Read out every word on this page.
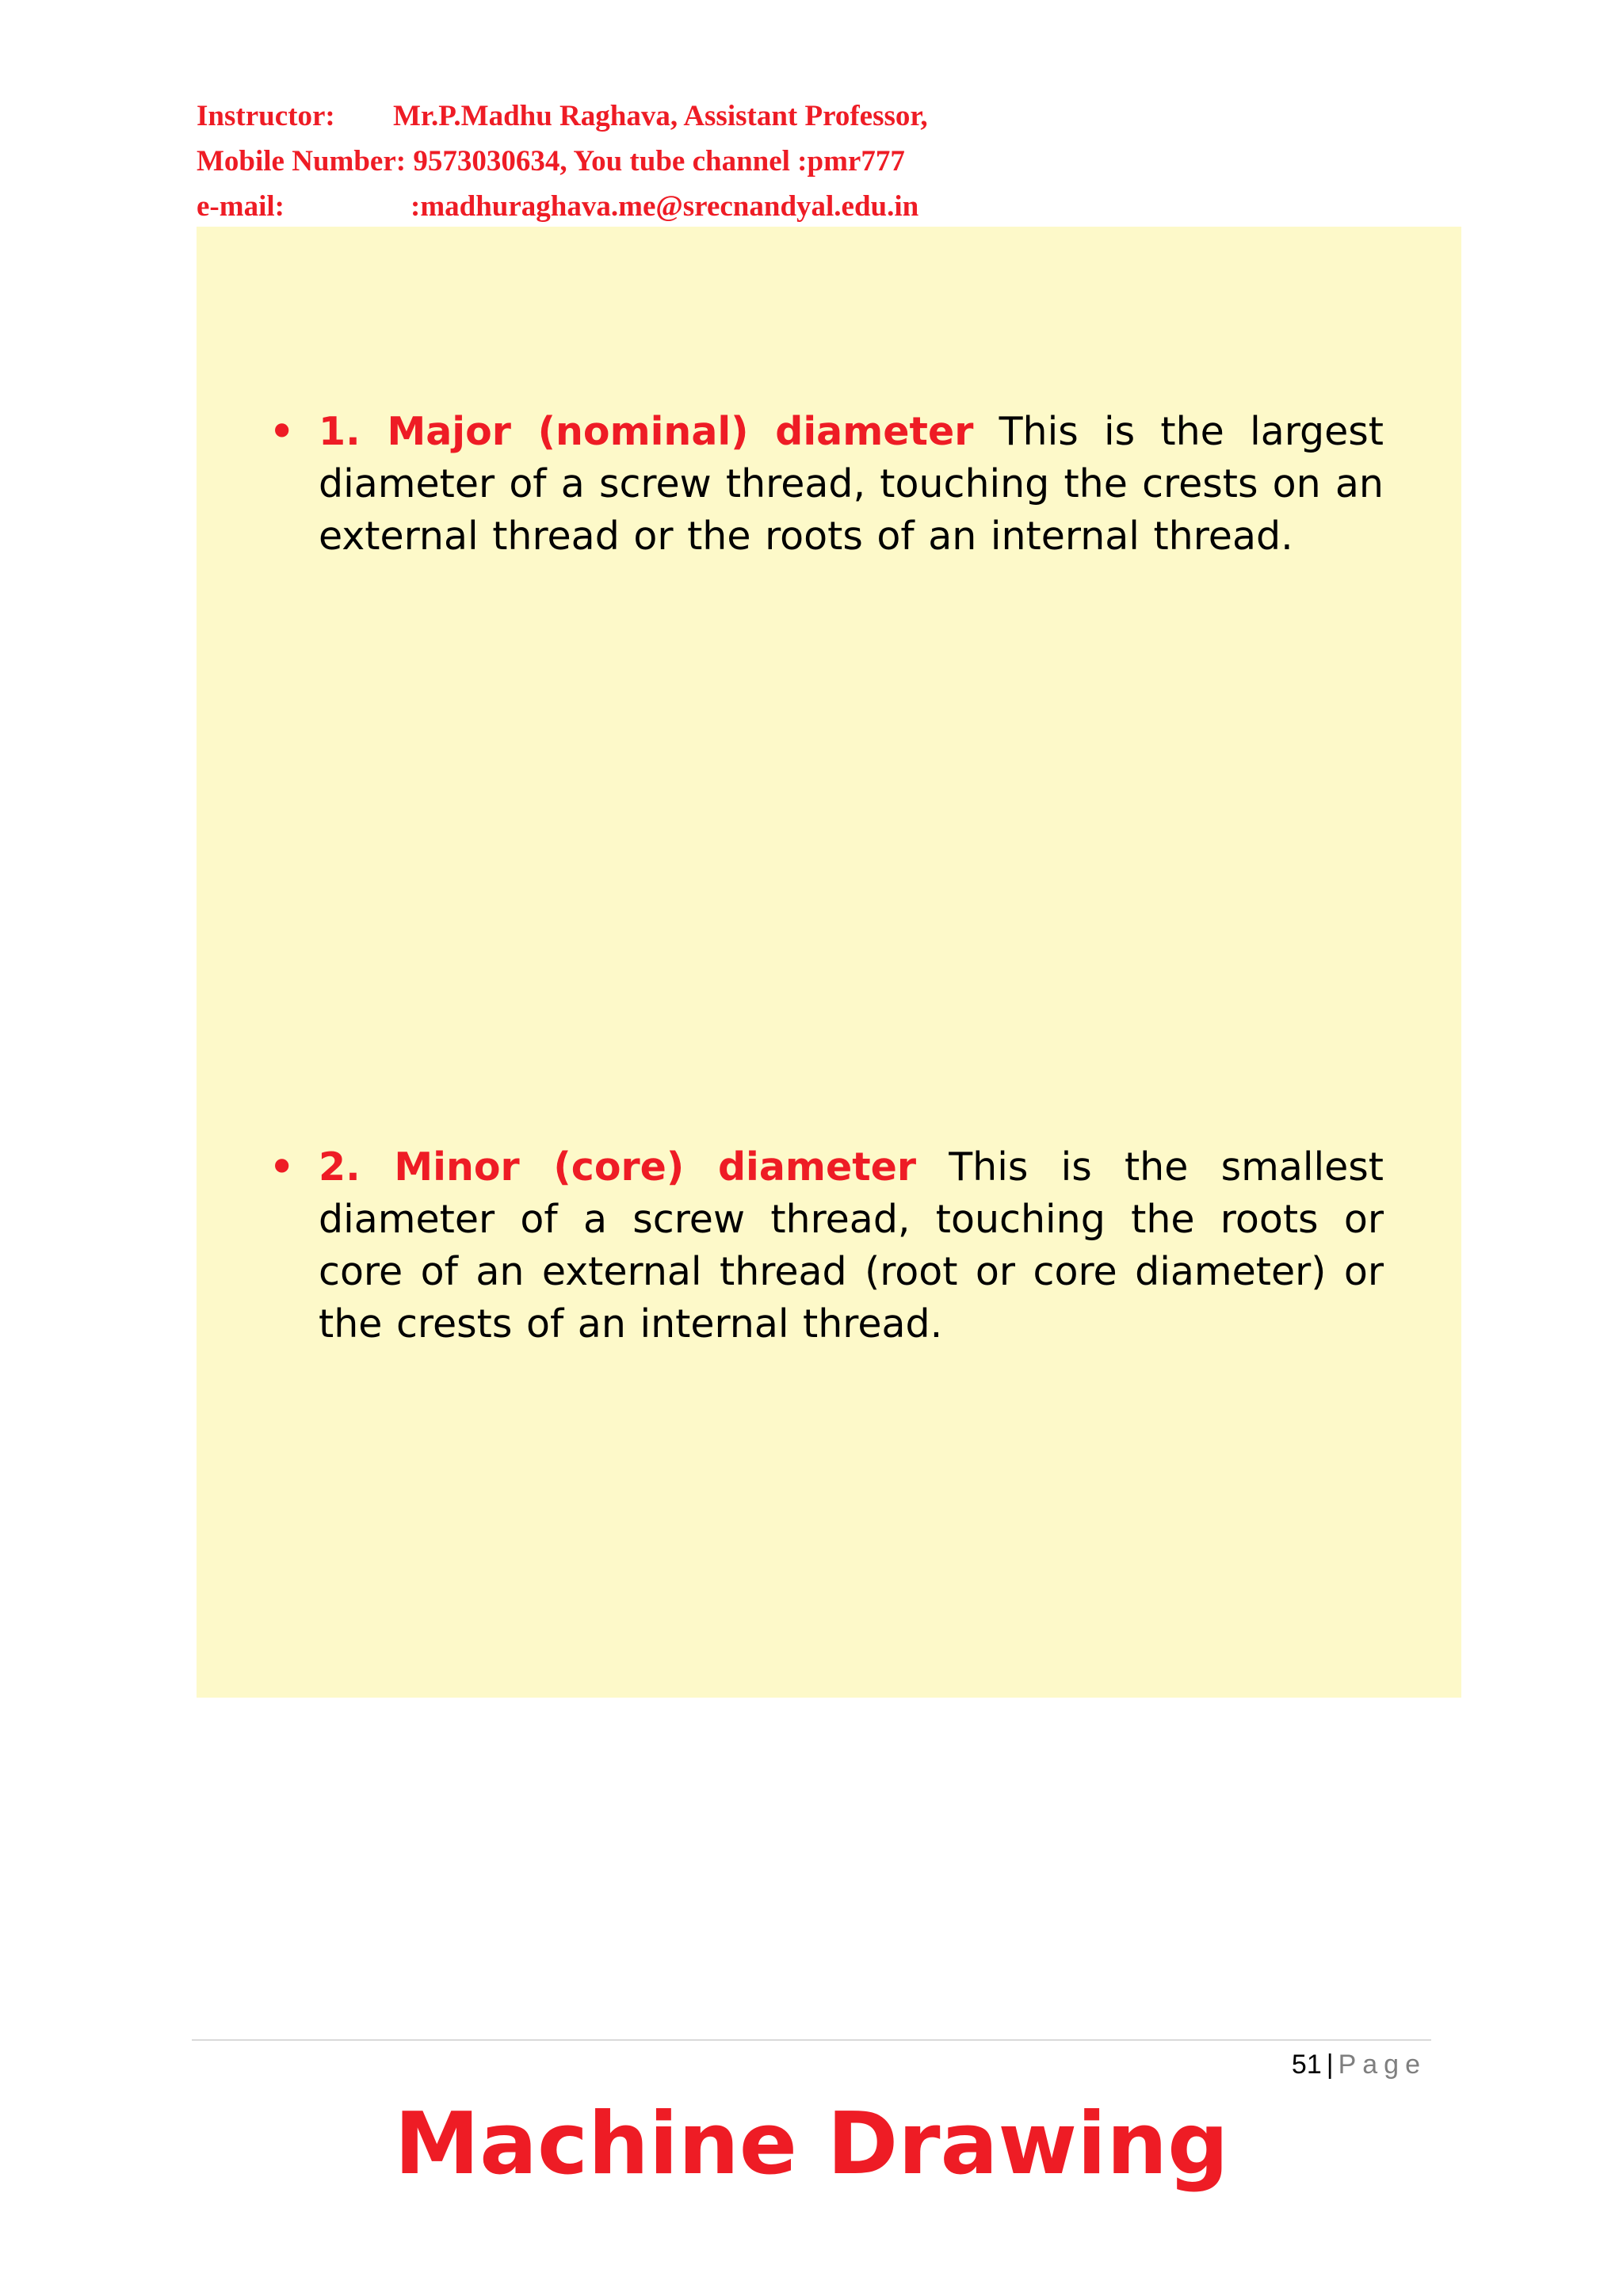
Instructor: Mr.P.Madhu Raghava, Assistant Professor,
Mobile Number: 9573030634, You tube channel :pmr777
e-mail:	:madhuraghava.me@srecnandyal.edu.in
• 1. Major (nominal) diameter This is the largest diameter of a screw thread, touching the crests on an external thread or the roots of an internal thread.
• 2. Minor (core) diameter This is the smallest diameter of a screw thread, touching the roots or core of an external thread (root or core diameter) or the crests of an internal thread.
51 | Page
Machine Drawing
